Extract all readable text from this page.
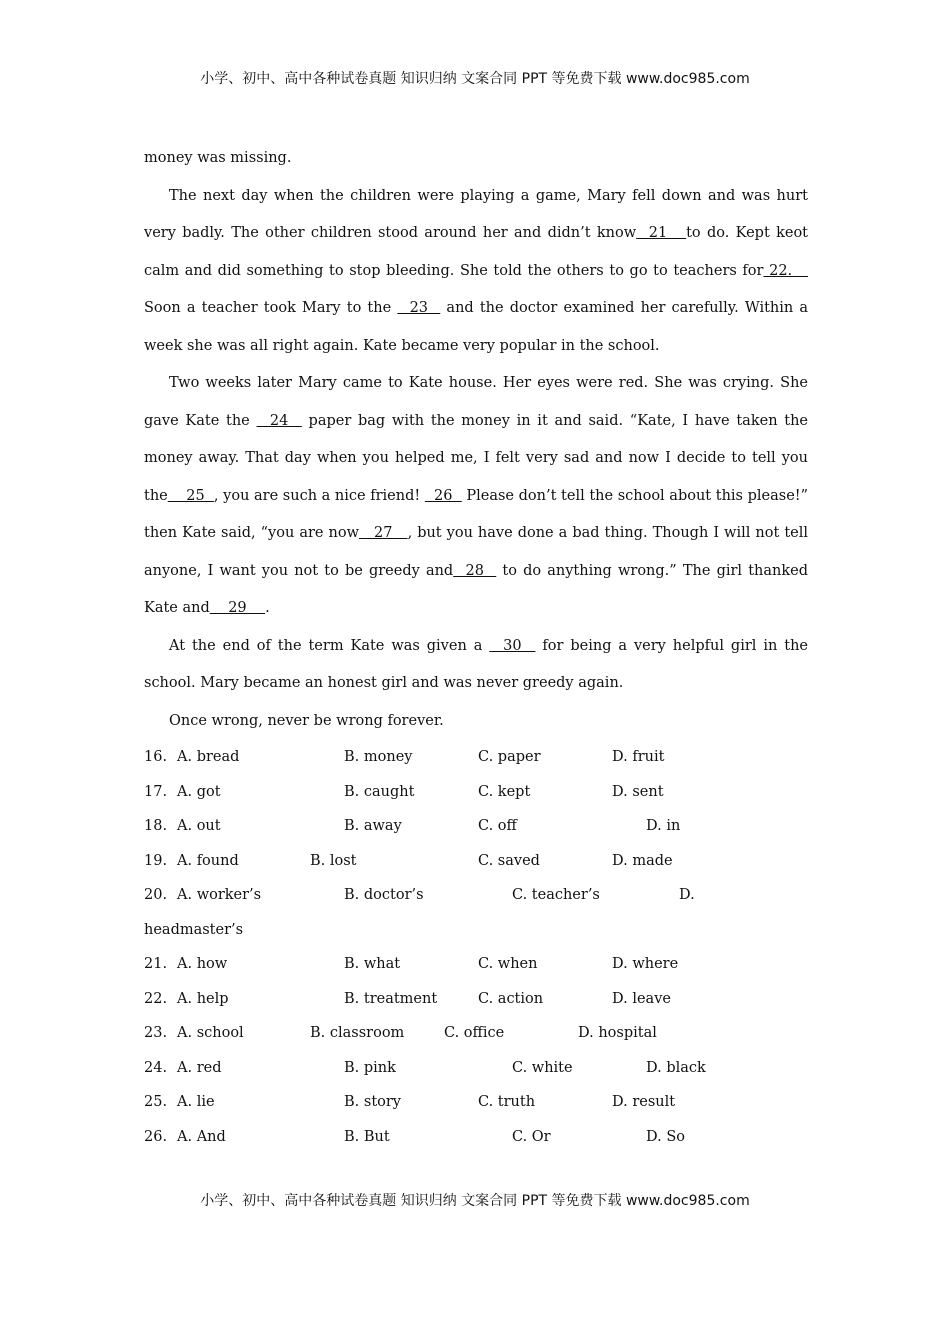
小学、初中、高中各种试卷真题 知识归纳 文案合同 PPT 等免费下载 www.doc985.com

money was missing.

The next day when the children were playing a game, Mary fell down and was hurt very badly. The other children stood around her and didn’t know  21   to do. Kept keot calm and did something to stop bleeding. She told the others to go to teachers for 22.    Soon a teacher took Mary to the   23   and the doctor examined her carefully. Within a week she was all right again. Kate became very popular in the school.

Two weeks later Mary came to Kate house. Her eyes were red. She was crying. She gave Kate the   24   paper bag with the money in it and said. “Kate, I have taken the money away. That day when you helped me, I felt very sad and now I decide to tell you the    25  , you are such a nice friend!   26   Please don’t tell the school about this please!” then Kate said, “you are now   27   , but you have done a bad thing. Though I will not tell anyone, I want you not to be greedy and  28   to do anything wrong.” The girl thanked Kate and    29    .

At the end of the term Kate was given a   30   for being a very helpful girl in the school. Mary became an honest girl and was never greedy again.

Once wrong, never be wrong forever.

16. A. bread	B. money	C. paper	D. fruit
17. A. got	B. caught	C. kept	D. sent
18. A. out	B. away	C. off	D. in
19. A. found	B. lost	C. saved	D. made
20. A. worker’s	B. doctor’s	C. teacher’s	D.
headmaster’s
21. A. how	B. what	C. when	D. where
22. A. help	B. treatment	C. action	D. leave
23. A. school	B. classroom	C. office	D. hospital
24. A. red	B. pink	C. white	D. black
25. A. lie	B. story	C. truth	D. result
26. A. And	B. But	C. Or	D. So
小学、初中、高中各种试卷真题 知识归纳 文案合同 PPT 等免费下载 www.doc985.com
